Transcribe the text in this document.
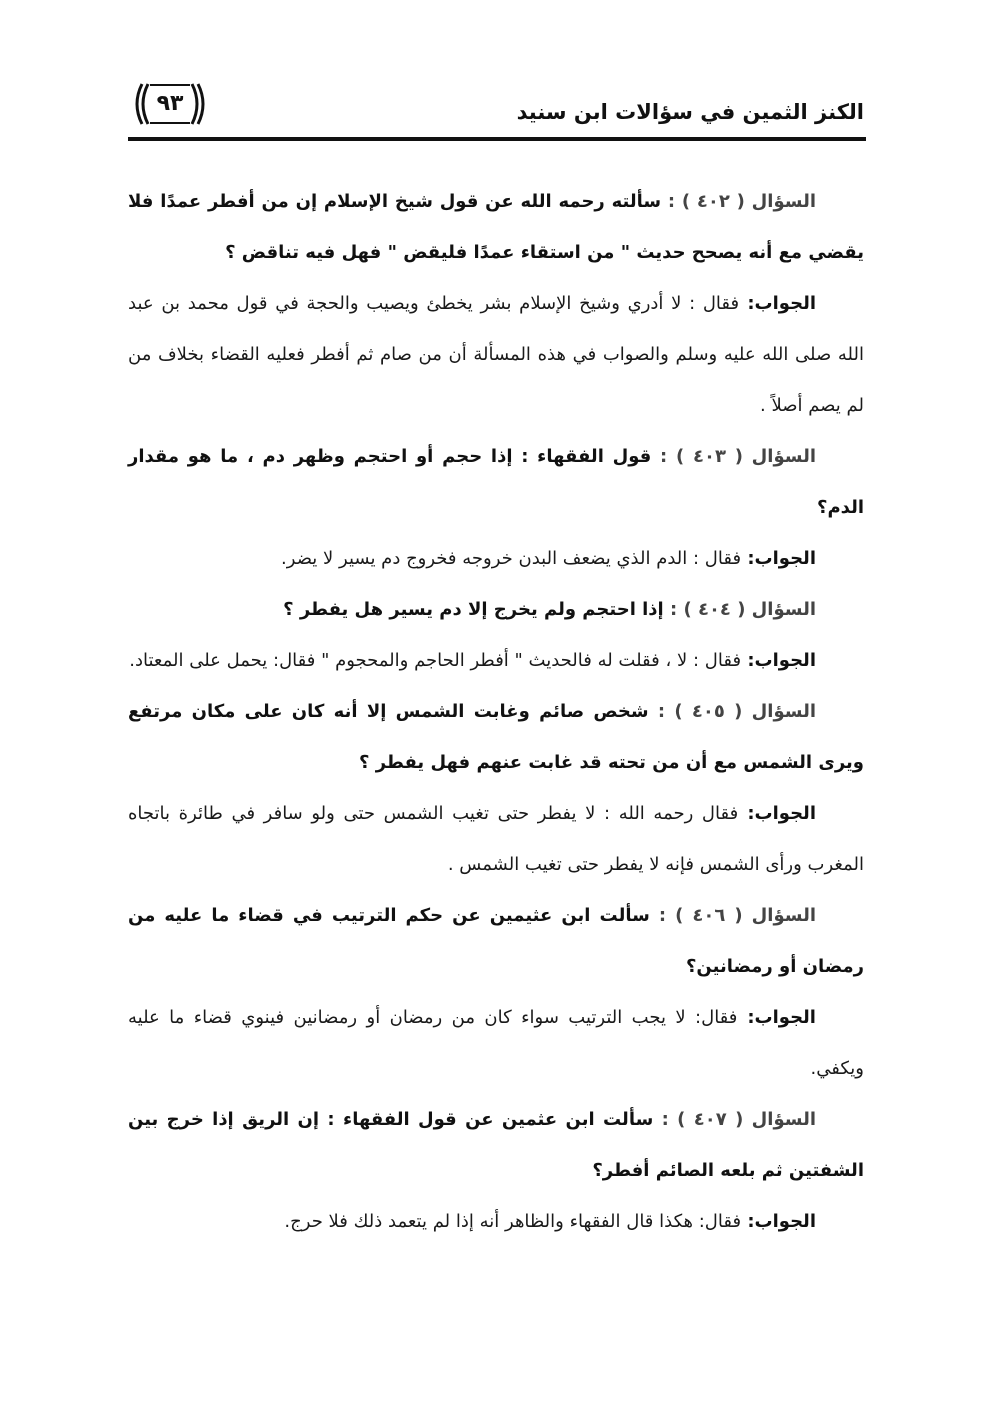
الكنز الثمين في سؤالات ابن سنيد
٩٣

السؤال ( ٤٠٢ ) : سألته رحمه الله عن قول شيخ الإسلام إن من أفطر عمدًا فلا يقضي مع أنه يصحح حديث " من استقاء عمدًا فليقض " فهل فيه تناقض ؟

الجواب: فقال : لا أدري وشيخ الإسلام بشر يخطئ ويصيب والحجة في قول محمد بن عبد الله صلى الله عليه وسلم والصواب في هذه المسألة أن من صام ثم أفطر فعليه القضاء بخلاف من لم يصم أصلاً .

السؤال ( ٤٠٣ ) : قول الفقهاء : إذا حجم أو احتجم وظهر دم ، ما هو مقدار الدم؟

الجواب: فقال : الدم الذي يضعف البدن خروجه فخروج دم يسير لا يضر.

السؤال ( ٤٠٤ ) : إذا احتجم ولم يخرج إلا دم يسير هل يفطر ؟

الجواب: فقال : لا ، فقلت له فالحديث " أفطر الحاجم والمحجوم " فقال: يحمل على المعتاد.

السؤال ( ٤٠٥ ) : شخص صائم وغابت الشمس إلا أنه كان على مكان مرتفع ويرى الشمس مع أن من تحته قد غابت عنهم فهل يفطر ؟

الجواب: فقال رحمه الله : لا يفطر حتى تغيب الشمس حتى ولو سافر في طائرة باتجاه المغرب ورأى الشمس فإنه لا يفطر حتى تغيب الشمس .

السؤال ( ٤٠٦ ) : سألت ابن عثيمين عن حكم الترتيب في قضاء ما عليه من رمضان أو رمضانين؟

الجواب: فقال: لا يجب الترتيب سواء كان من رمضان أو رمضانين فينوي قضاء ما عليه ويكفي.

السؤال ( ٤٠٧ ) : سألت ابن عثمين عن قول الفقهاء : إن الريق إذا خرج بين الشفتين ثم بلعه الصائم أفطر؟

الجواب: فقال: هكذا قال الفقهاء والظاهر أنه إذا لم يتعمد ذلك فلا حرج.
